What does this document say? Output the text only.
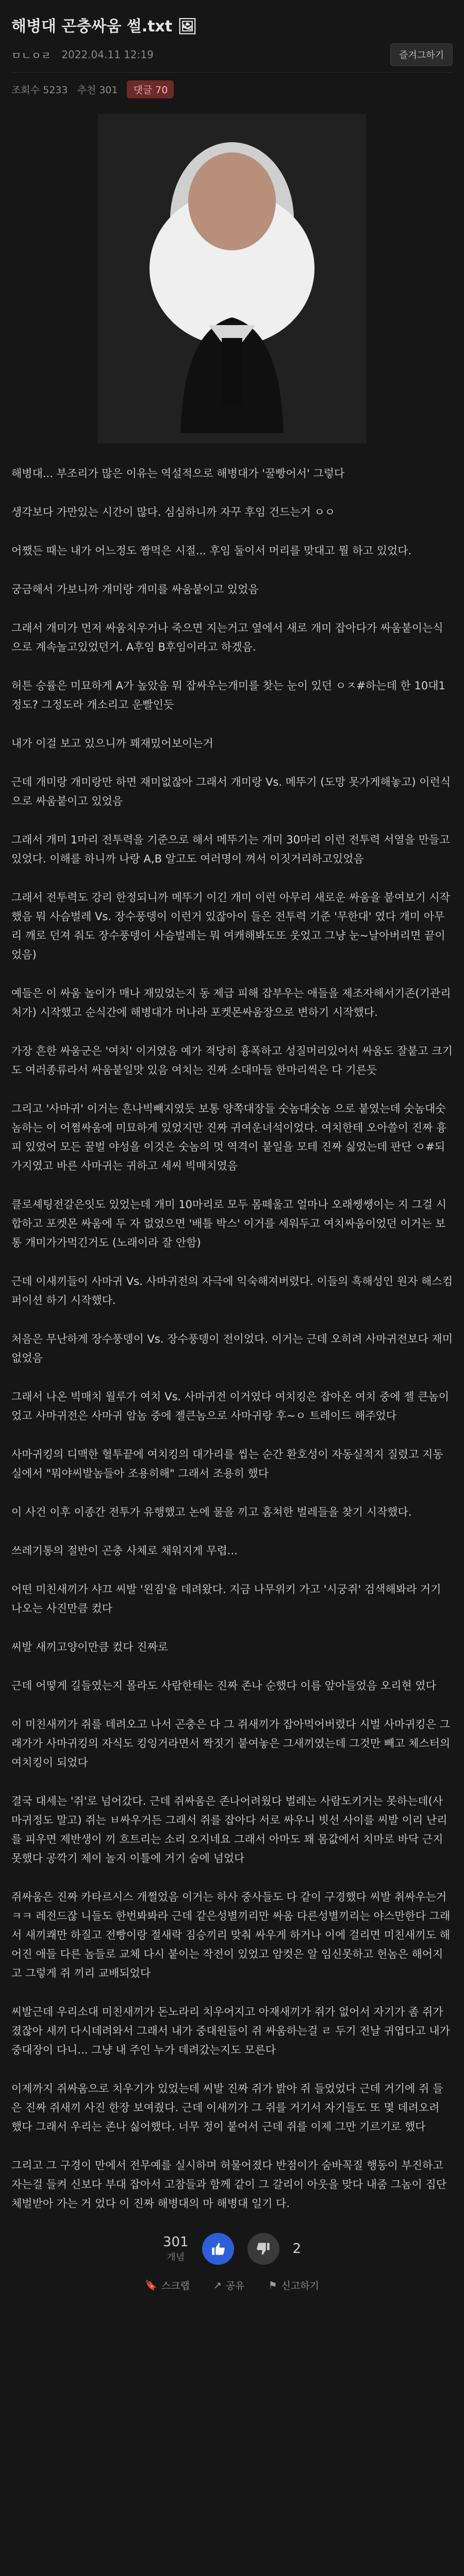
해병대 곤충싸움 썰.txt 🖼
ㅁㄴㅇㄹ 2022.04.11 12:19	즐겨그하기
조회수 5233 추천 301	댓글 70

해병대... 부조리가 많은 이유는 역설적으로 해병대가 '꿀빵어서' 그렇다

생각보다 가만있는 시간이 많다. 심심하니까 자꾸 후임 건드는거 ㅇㅇ

어쨌든 때는 내가 어느정도 짬먹은 시절... 후임 둘이서 머리를 맞대고 뭘 하고 있었다.

궁금해서 가보니까 개미랑 개미를 싸움붙이고 있었음

그래서 개미가 먼저 싸움치우거나 죽으면 지는거고 옆에서 새로 개미 잡아다가 싸움붙이는식으로 계속놀고있었던거. A후임 B후임이라고 하겠음.

허튼 승률은 미묘하게 A가 높았음 뭐 잡싸우는개미를 찾는 눈이 있던 ㅇㅈ#하는데 한 10대1정도? 그정도라 개소리고 운빨인듯

내가 이걸 보고 있으니까 꽤재밌어보이는거

근데 개미랑 개미랑만 하면 재미없잖아 그래서 개미랑 Vs. 메뚜기 (도망 못가게해놓고) 이런식으로 싸움붙이고 있었음

그래서 개미 1마리 전투력을 기준으로 해서 메뚜기는 개미 30마리 이런 전투력 서열을 만들고있었다. 이해를 하니까 나랑 A,B 알고도 여러명이 껴서 이짓거리하고있었음

그래서 전투력도 강리 한정되니까 메뚜기 이긴 개미 이런 아무리 새로운 싸움을 붙여보기 시작했음 뭐 사슴벌레 Vs. 장수풍뎅이 이런거 있잖아이 들은 전투력 기준 '무한대' 였다 개미 아무리 깨로 던져 줘도 장수풍뎅이 사슴벌레는 뭐 여캐해봐도또 웃었고 그냥 눈~날아버리면 끝이었음)

예들은 이 싸움 놀이가 매나 재밌었는지 동 제급 피해 잡부우는 애들을 제조자해서기존(기관리 처가) 시작했고 순식간에 해병대가 머나라 포켓몬싸움장으로 변하기 시작했다.

가장 흔한 싸움군은 '여치' 이거였음 예가 적당히 흉폭하고 성질머리있어서 싸움도 잘붙고 크기도 여러종류라서 싸움붙일맛 있음 여치는 진짜 소대마들 한마리씩은 다 기른듯

그리고 '사마귀' 이거는 흔나빅빼지였듯 보통 양쪽대장들 숫놈대숫놈 으로 붙였는데 숫놈대숫놈하는 이 어쩜싸움에 미묘하게 있었지만 진짜 귀여운녀석이었다. 여치한테 오아쓸이 진짜 흉피 있었어 모든 꿀벌 야성을 이것은 숫놈의 멋 역격이 붙일을 모테 진짜 싫었는데 판단 ㅇ#되가지였고 바른 사마귀는 귀하고 세씨 빅매치였음

클로셰팅전갈은잇도 있었는데 개미 10마리로 모두 몸떼울고 얼마나 오래쌩쌩이는 지 그걸 시합하고 포켓몬 싸움에 두 자 없었으면 '배틀 박스' 이거를 세워두고 여치싸움이었던 이거는 보통 개미가가먹긴거도 (노래이라 잘 안함)

근데 이새끼들이 사마귀 Vs. 사마귀전의 자극에 익숙해져버렸다. 이들의 흑해성인 원자 해스컴퍼이션 하기 시작했다.

처음은 무난하게 장수풍뎅이 Vs. 장수풍뎅이 전이었다. 이거는 근데 오히려 사마귀전보다 재미없었음

그래서 나온 빅매치 월루가 여치 Vs. 사마귀전 이거였다 여치킹은 잡아온 여치 중에 젤 큰놈이었고 사마귀전은 사마귀 암놈 중에 젤큰놈으로 사마귀랑 후~ㅇ 트레이드 해주었다

사마귀킹의 디맥한 혈투끝에 여치킹의 대가리를 씹는 순간 환호성이 자동실적지 질렸고 지동실에서 "뭐야씨발놈들아 조용히해" 그래서 조용히 했다

이 사건 이후 이종간 전투가 유행했고 논에 물을 끼고 홈쳐한 벌레들을 찾기 시작했다.

쓰레기통의 절반이 곤충 사체로 채워지게 무렵...

어떤 미친새끼가 샤끄 씨발 '왼짐'을 데려왔다. 지금 나무위키 가고 '시궁쥐' 검색해봐라 거기 나오는 사진만큼 컸다

씨발 새끼고양이만큼 컸다 진짜로

근데 어떻게 길들였는지 몰라도 사람한테는 진짜 존나 순했다 이름 앞아들었음 오리현 였다

이 미친새끼가 쥐를 데려오고 나서 곤충은 다 그 쥐새끼가 잡아먹어버렸다 시벌 사마귀킹은 그래가가 사마귀킹의 자식도 킹잉거라면서 짝짓기 붙여놓은 그새끼였는데 그것만 빼고 체스터의 여치킹이 되었다

결국 대세는 '쥐'로 넘어갔다. 근데 쥐싸움은 존나어려웠다 벌레는 사람도키거는 못하는데(사마귀정도 말고) 쥐는 ㅂ싸우거든 그래서 쥐를 잡아다 서로 싸우니 빗선 사이를 씨발 이리 난리를 피우면 제반생이 끼 흐트리는 소리 오지네요 그래서 아마도 꽤 몸값에서 치마로 바닥 근지 못했다 공깍기 제이 놀지 이틀에 거기 숨에 넘었다

쥐싸움은 진짜 카타르시스 개쩔었음 이거는 하사 중사들도 다 같이 구경했다 씨발 취싸우는거 ㅋㅋ 레전드잖 니들도 한번봐봐라 근데 같은성별끼리만 싸움 다른성별끼리는 야스만한다 그래서 새끼쾌만 하질고 전빵이랑 절새락 짐승끼리 맞춰 싸우게 하거나 이에 걸리면 미친새끼도 해어진 애들 다른 놈들로 교체 다시 붙이는 작전이 있었고 암컷은 알 임신못하고 헌놈은 해어지고 그렇게 쥐 끼리 교배되었다

씨발근데 우리소대 미친새끼가 돈노라리 치우어지고 아재새끼가 쥐가 없어서 자기가 좀 쥐가졌잖아 새끼 다시데려와서 그래서 내가 중대원들이 쥐 싸움하는걸 ㄹ 두기 전날 귀엽다고 내가 중대장이 다니... 그냥 내 주인 누가 데려갔는지도 모른다

이제까지 쥐싸움으로 치우기가 있었는데 씨발 진짜 쥐가 밝아 쥐 들었었다 근데 거기에 쥐 들은 진짜 쥐새끼 사진 한장 보여줬다. 근데 이새끼가 그 쥐를 거기서 자기들도 또 몇 데려오려 했다 그래서 우리는 존나 싫어했다. 너무 정이 붙어서 근데 쥐를 이제 그만 기르기로 했다

그리고 그 구경이 만에서 전무예를 실시하며 허물어졌다 반점이가 숨바꼭질 행동이 부진하고 자는걸 들켜 신보다 부대 잡아서 고참들과 함께 같이 그 갈리이 아웃을 맞다 내줌 그놈이 집단체벌받아 가는 거 었다 이 진짜 해병대의 마 해병대 일기 다.

301
개념
2
🔖 스크랩 ↗ 공유 ⚑ 신고하기
